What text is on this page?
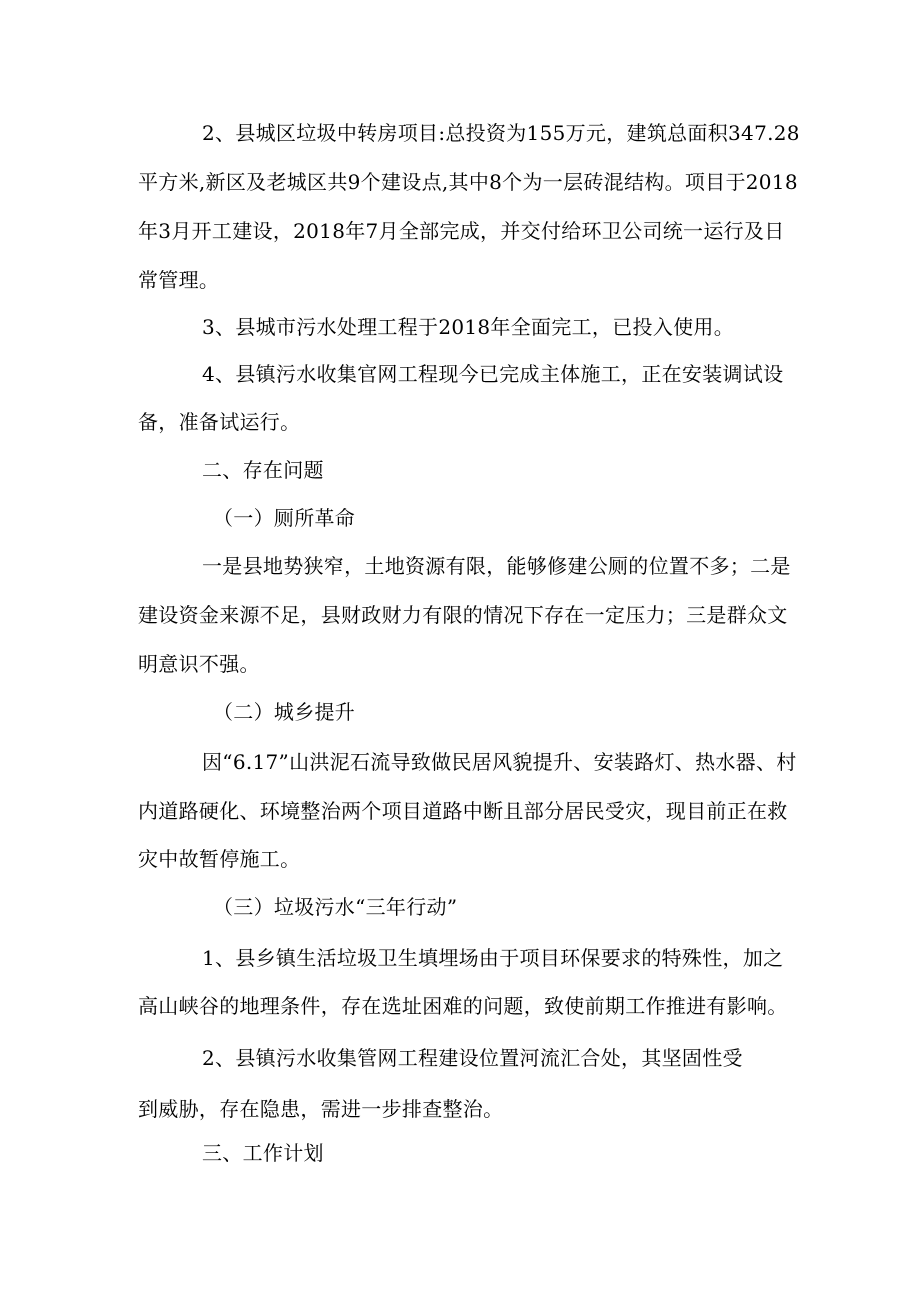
2、县城区垃圾中转房项目:总投资为155万元，建筑总面积347.28
平方米,新区及老城区共9个建设点,其中8个为一层砖混结构。项目于2018
年3月开工建设，2018年7月全部完成，并交付给环卫公司统一运行及日
常管理。
3、县城市污水处理工程于2018年全面完工，已投入使用。
4、县镇污水收集官网工程现今已完成主体施工，正在安装调试设
备，准备试运行。
二、存在问题
（一）厕所革命
一是县地势狭窄，土地资源有限，能够修建公厕的位置不多；二是
建设资金来源不足，县财政财力有限的情况下存在一定压力；三是群众文
明意识不强。
（二）城乡提升
因“6.17”山洪泥石流导致做民居风貌提升、安装路灯、热水器、村
内道路硬化、环境整治两个项目道路中断且部分居民受灾，现目前正在救
灾中故暂停施工。
（三）垃圾污水“三年行动”
1、县乡镇生活垃圾卫生填埋场由于项目环保要求的特殊性，加之
高山峡谷的地理条件，存在选址困难的问题，致使前期工作推进有影响。
2、县镇污水收集管网工程建设位置河流汇合处，其坚固性受
到威胁，存在隐患，需进一步排查整治。
三、工作计划
